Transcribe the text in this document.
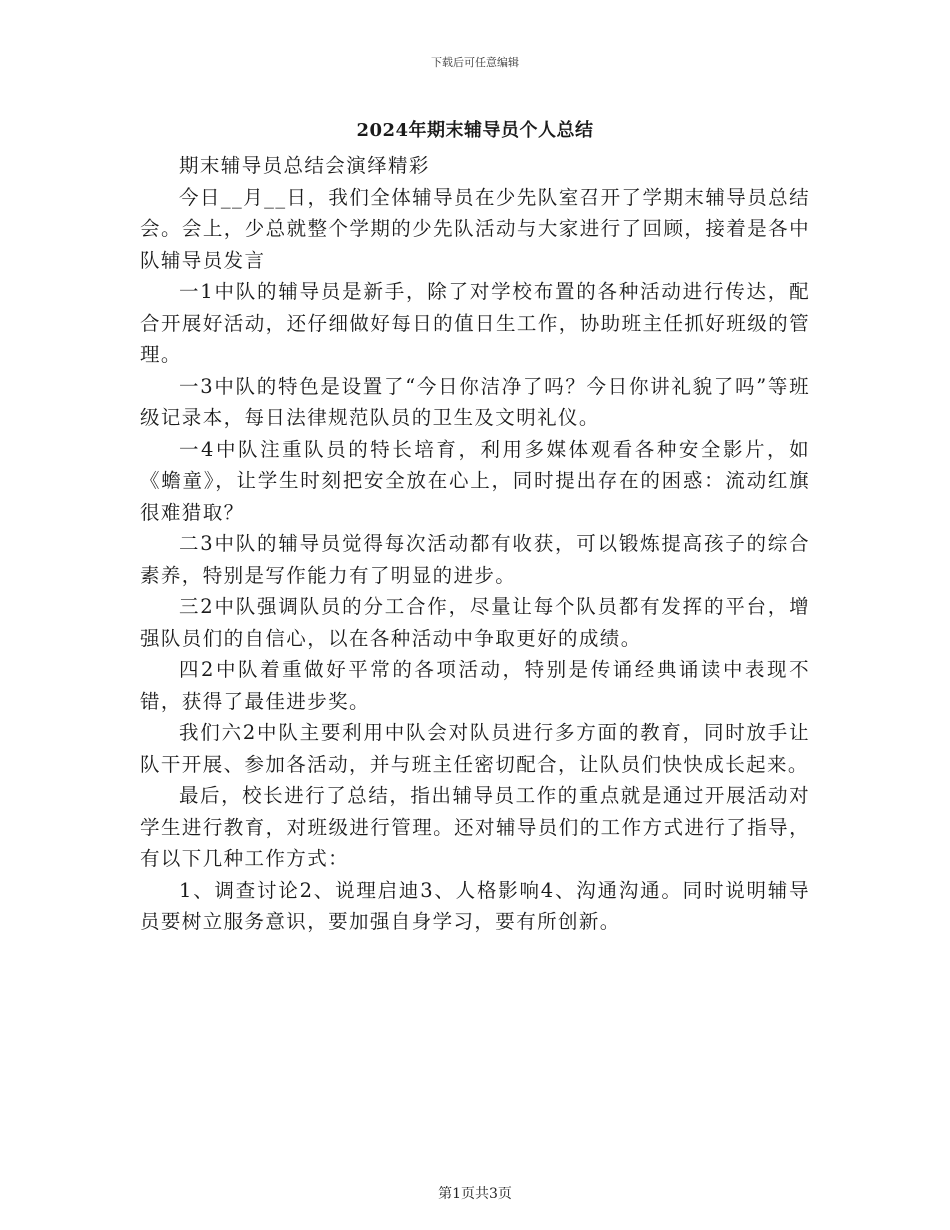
下载后可任意编辑
2024年期末辅导员个人总结

期末辅导员总结会演绎精彩

今日__月__日，我们全体辅导员在少先队室召开了学期末辅导员总结会。会上，少总就整个学期的少先队活动与大家进行了回顾，接着是各中队辅导员发言

一1中队的辅导员是新手，除了对学校布置的各种活动进行传达，配合开展好活动，还仔细做好每日的值日生工作，协助班主任抓好班级的管理。

一3中队的特色是设置了“今日你洁净了吗？今日你讲礼貌了吗”等班级记录本，每日法律规范队员的卫生及文明礼仪。

一4中队注重队员的特长培育，利用多媒体观看各种安全影片，如《蟾童》，让学生时刻把安全放在心上，同时提出存在的困惑：流动红旗很难猎取？

二3中队的辅导员觉得每次活动都有收获，可以锻炼提高孩子的综合素养，特别是写作能力有了明显的进步。

三2中队强调队员的分工合作，尽量让每个队员都有发挥的平台，增强队员们的自信心，以在各种活动中争取更好的成绩。

四2中队着重做好平常的各项活动，特别是传诵经典诵读中表现不错，获得了最佳进步奖。

我们六2中队主要利用中队会对队员进行多方面的教育，同时放手让队干开展、参加各活动，并与班主任密切配合，让队员们快快成长起来。

最后，校长进行了总结，指出辅导员工作的重点就是通过开展活动对学生进行教育，对班级进行管理。还对辅导员们的工作方式进行了指导，有以下几种工作方式：

1、调查讨论2、说理启迪3、人格影响4、沟通沟通。同时说明辅导员要树立服务意识，要加强自身学习，要有所创新。

第1页共3页
